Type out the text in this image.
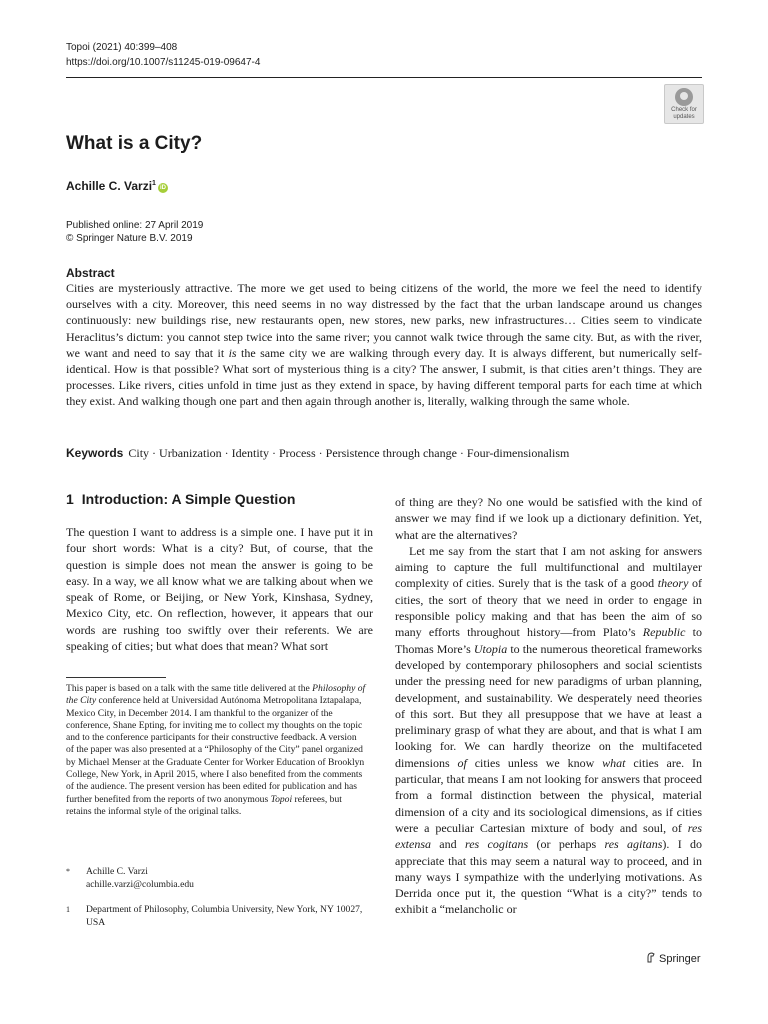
Topoi (2021) 40:399–408
https://doi.org/10.1007/s11245-019-09647-4
Check for
updates
What is a City?
Achille C. Varzi$^1$iD
Published online: 27 April 2019
© Springer Nature B.V. 2019
Abstract
Cities are mysteriously attractive. The more we get used to being citizens of the world, the more we feel the need to identify ourselves with a city. Moreover, this need seems in no way distressed by the fact that the urban landscape around us changes continuously: new buildings rise, new restaurants open, new stores, new parks, new infrastructures… Cities seem to vindicate Heraclitus’s dictum: you cannot step twice into the same river; you cannot walk twice through the same city. But, as with the river, we want and need to say that it is the same city we are walking through every day. It is always different, but numerically self-identical. How is that possible? What sort of mysterious thing is a city? The answer, I submit, is that cities aren’t things. They are processes. Like rivers, cities unfold in time just as they extend in space, by having different temporal parts for each time at which they exist. And walking though one part and then again through another is, literally, walking through the same whole.
Keywords City · Urbanization · Identity · Process · Persistence through change · Four-dimensionalism
1 Introduction: A Simple Question
The question I want to address is a simple one. I have put it in four short words: What is a city? But, of course, that the question is simple does not mean the answer is going to be easy. In a way, we all know what we are talking about when we speak of Rome, or Beijing, or New York, Kinshasa, Sydney, Mexico City, etc. On reflection, however, it appears that our words are rushing too swiftly over their referents. We are speaking of cities; but what does that mean? What sort
This paper is based on a talk with the same title delivered at the Philosophy of the City conference held at Universidad Autónoma Metropolitana Iztapalapa, Mexico City, in December 2014. I am thankful to the organizer of the conference, Shane Epting, for inviting me to collect my thoughts on the topic and to the conference participants for their constructive feedback. A version of the paper was also presented at a “Philosophy of the City” panel organized by Michael Menser at the Graduate Center for Worker Education of Brooklyn College, New York, in April 2015, where I also benefited from the comments of the audience. The present version has been edited for publication and has further benefited from the reports of two anonymous Topoi referees, but retains the informal style of the original talks.
*	Achille C. Varzi
achille.varzi@columbia.edu
1	Department of Philosophy, Columbia University, New York, NY 10027, USA

of thing are they? No one would be satisfied with the kind of answer we may find if we look up a dictionary definition. Yet, what are the alternatives?

Let me say from the start that I am not asking for answers aiming to capture the full multifunctional and multilayer complexity of cities. Surely that is the task of a good theory of cities, the sort of theory that we need in order to engage in responsible policy making and that has been the aim of so many efforts throughout history—from Plato’s Republic to Thomas More’s Utopia to the numerous theoretical frameworks developed by contemporary philosophers and social scientists under the pressing need for new paradigms of urban planning, development, and sustainability. We desperately need theories of this sort. But they all presuppose that we have at least a preliminary grasp of what they are about, and that is what I am looking for. We can hardly theorize on the multifaceted dimensions of cities unless we know what cities are. In particular, that means I am not looking for answers that proceed from a formal distinction between the physical, material dimension of a city and its sociological dimensions, as if cities were a peculiar Cartesian mixture of body and soul, of res extensa and res cogitans (or perhaps res agitans). I do appreciate that this may seem a natural way to proceed, and in many ways I sympathize with the underlying motivations. As Derrida once put it, the question “What is a city?” tends to exhibit a “melancholic or

Springer
